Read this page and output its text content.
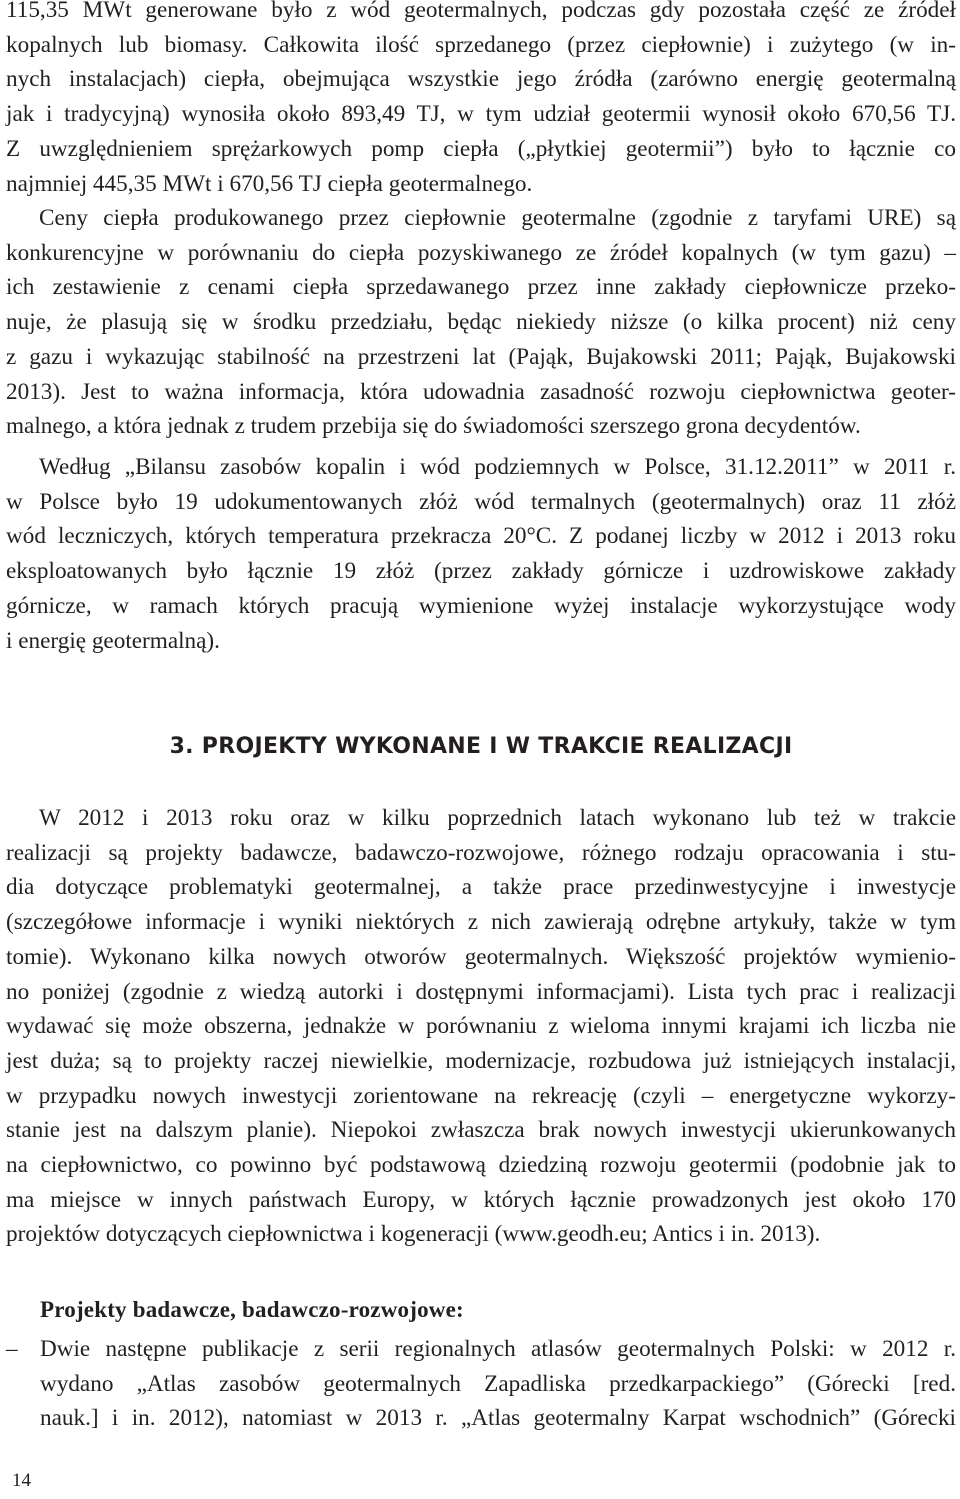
115,35 MWt generowane było z wód geotermalnych, podczas gdy pozostała część ze źródeł
kopalnych lub biomasy. Całkowita ilość sprzedanego (przez ciepłownie) i zużytego (w in-
nych instalacjach) ciepła, obejmująca wszystkie jego źródła (zarówno energię geotermalną
jak i tradycyjną) wynosiła około 893,49 TJ, w tym udział geotermii wynosił około 670,56 TJ.
Z uwzględnieniem sprężarkowych pomp ciepła („płytkiej geotermii”) było to łącznie co
najmniej 445,35 MWt i 670,56 TJ ciepła geotermalnego.
Ceny ciepła produkowanego przez ciepłownie geotermalne (zgodnie z taryfami URE) są
konkurencyjne w porównaniu do ciepła pozyskiwanego ze źródeł kopalnych (w tym gazu) –
ich zestawienie z cenami ciepła sprzedawanego przez inne zakłady ciepłownicze przeko-
nuje, że plasują się w środku przedziału, będąc niekiedy niższe (o kilka procent) niż ceny
z gazu i wykazując stabilność na przestrzeni lat (Pająk, Bujakowski 2011; Pająk, Bujakowski
2013). Jest to ważna informacja, która udowadnia zasadność rozwoju ciepłownictwa geoter-
malnego, a która jednak z trudem przebija się do świadomości szerszego grona decydentów.
Według „Bilansu zasobów kopalin i wód podziemnych w Polsce, 31.12.2011” w 2011 r.
w Polsce było 19 udokumentowanych złóż wód termalnych (geotermalnych) oraz 11 złóż
wód leczniczych, których temperatura przekracza 20°C. Z podanej liczby w 2012 i 2013 roku
eksploatowanych było łącznie 19 złóż (przez zakłady górnicze i uzdrowiskowe zakłady
górnicze, w ramach których pracują wymienione wyżej instalacje wykorzystujące wody
i energię geotermalną).
3. PROJEKTY WYKONANE I W TRAKCIE REALIZACJI
W 2012 i 2013 roku oraz w kilku poprzednich latach wykonano lub też w trakcie
realizacji są projekty badawcze, badawczo-rozwojowe, różnego rodzaju opracowania i stu-
dia dotyczące problematyki geotermalnej, a także prace przedinwestycyjne i inwestycje
(szczegółowe informacje i wyniki niektórych z nich zawierają odrębne artykuły, także w tym
tomie). Wykonano kilka nowych otworów geotermalnych. Większość projektów wymienio-
no poniżej (zgodnie z wiedzą autorki i dostępnymi informacjami). Lista tych prac i realizacji
wydawać się może obszerna, jednakże w porównaniu z wieloma innymi krajami ich liczba nie
jest duża; są to projekty raczej niewielkie, modernizacje, rozbudowa już istniejących instalacji,
w przypadku nowych inwestycji zorientowane na rekreację (czyli – energetyczne wykorzy-
stanie jest na dalszym planie). Niepokoi zwłaszcza brak nowych inwestycji ukierunkowanych
na ciepłownictwo, co powinno być podstawową dziedziną rozwoju geotermii (podobnie jak to
ma miejsce w innych państwach Europy, w których łącznie prowadzonych jest około 170
projektów dotyczących ciepłownictwa i kogeneracji (www.geodh.eu; Antics i in. 2013).
Projekty badawcze, badawczo-rozwojowe:
– Dwie następne publikacje z serii regionalnych atlasów geotermalnych Polski: w 2012 r.
wydano „Atlas zasobów geotermalnych Zapadliska przedkarpackiego” (Górecki [red.
nauk.] i in. 2012), natomiast w 2013 r. „Atlas geotermalny Karpat wschodnich” (Górecki

14
